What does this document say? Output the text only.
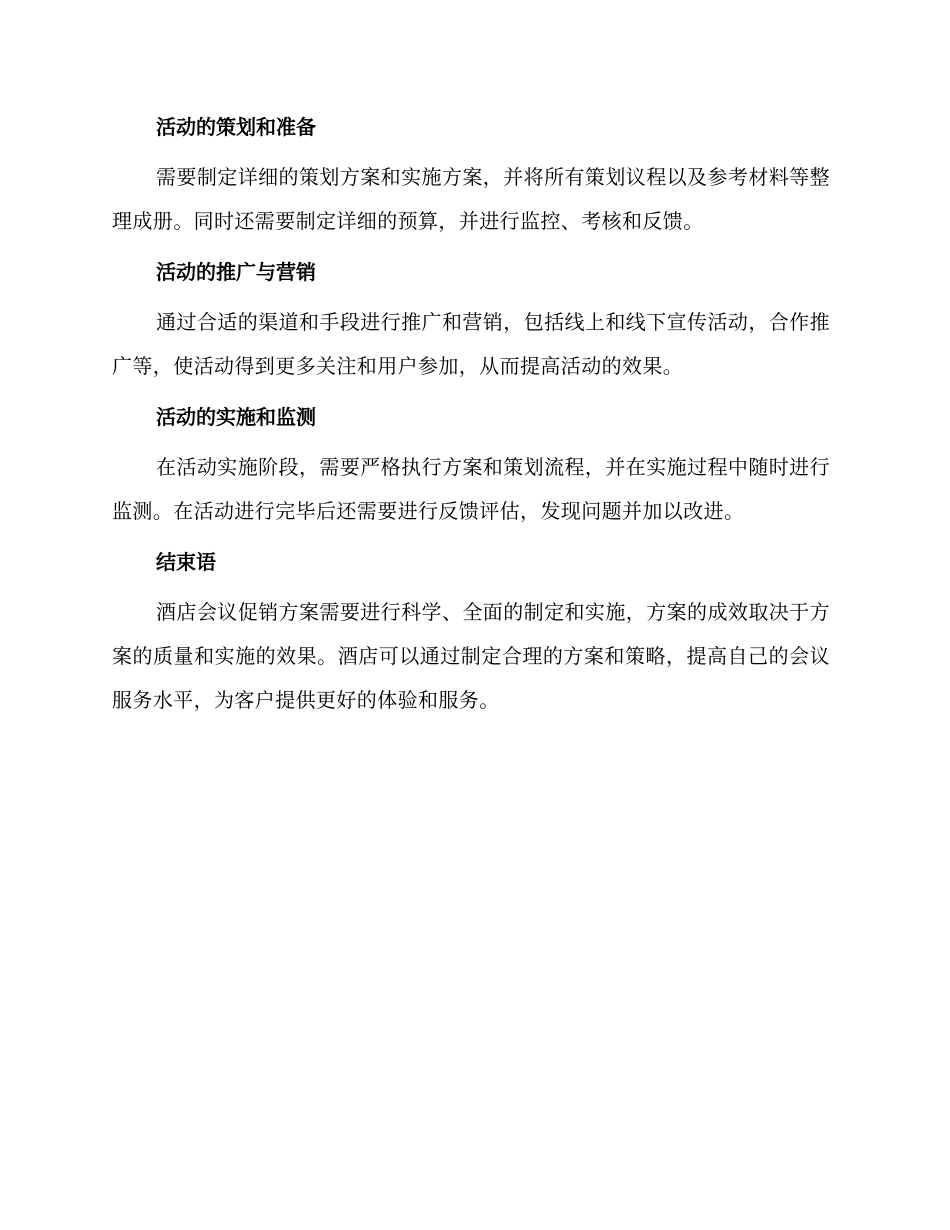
活动的策划和准备

需要制定详细的策划方案和实施方案，并将所有策划议程以及参考材料等整理成册。同时还需要制定详细的预算，并进行监控、考核和反馈。

活动的推广与营销

通过合适的渠道和手段进行推广和营销，包括线上和线下宣传活动，合作推广等，使活动得到更多关注和用户参加，从而提高活动的效果。

活动的实施和监测

在活动实施阶段，需要严格执行方案和策划流程，并在实施过程中随时进行监测。在活动进行完毕后还需要进行反馈评估，发现问题并加以改进。

结束语

酒店会议促销方案需要进行科学、全面的制定和实施，方案的成效取决于方案的质量和实施的效果。酒店可以通过制定合理的方案和策略，提高自己的会议服务水平，为客户提供更好的体验和服务。
